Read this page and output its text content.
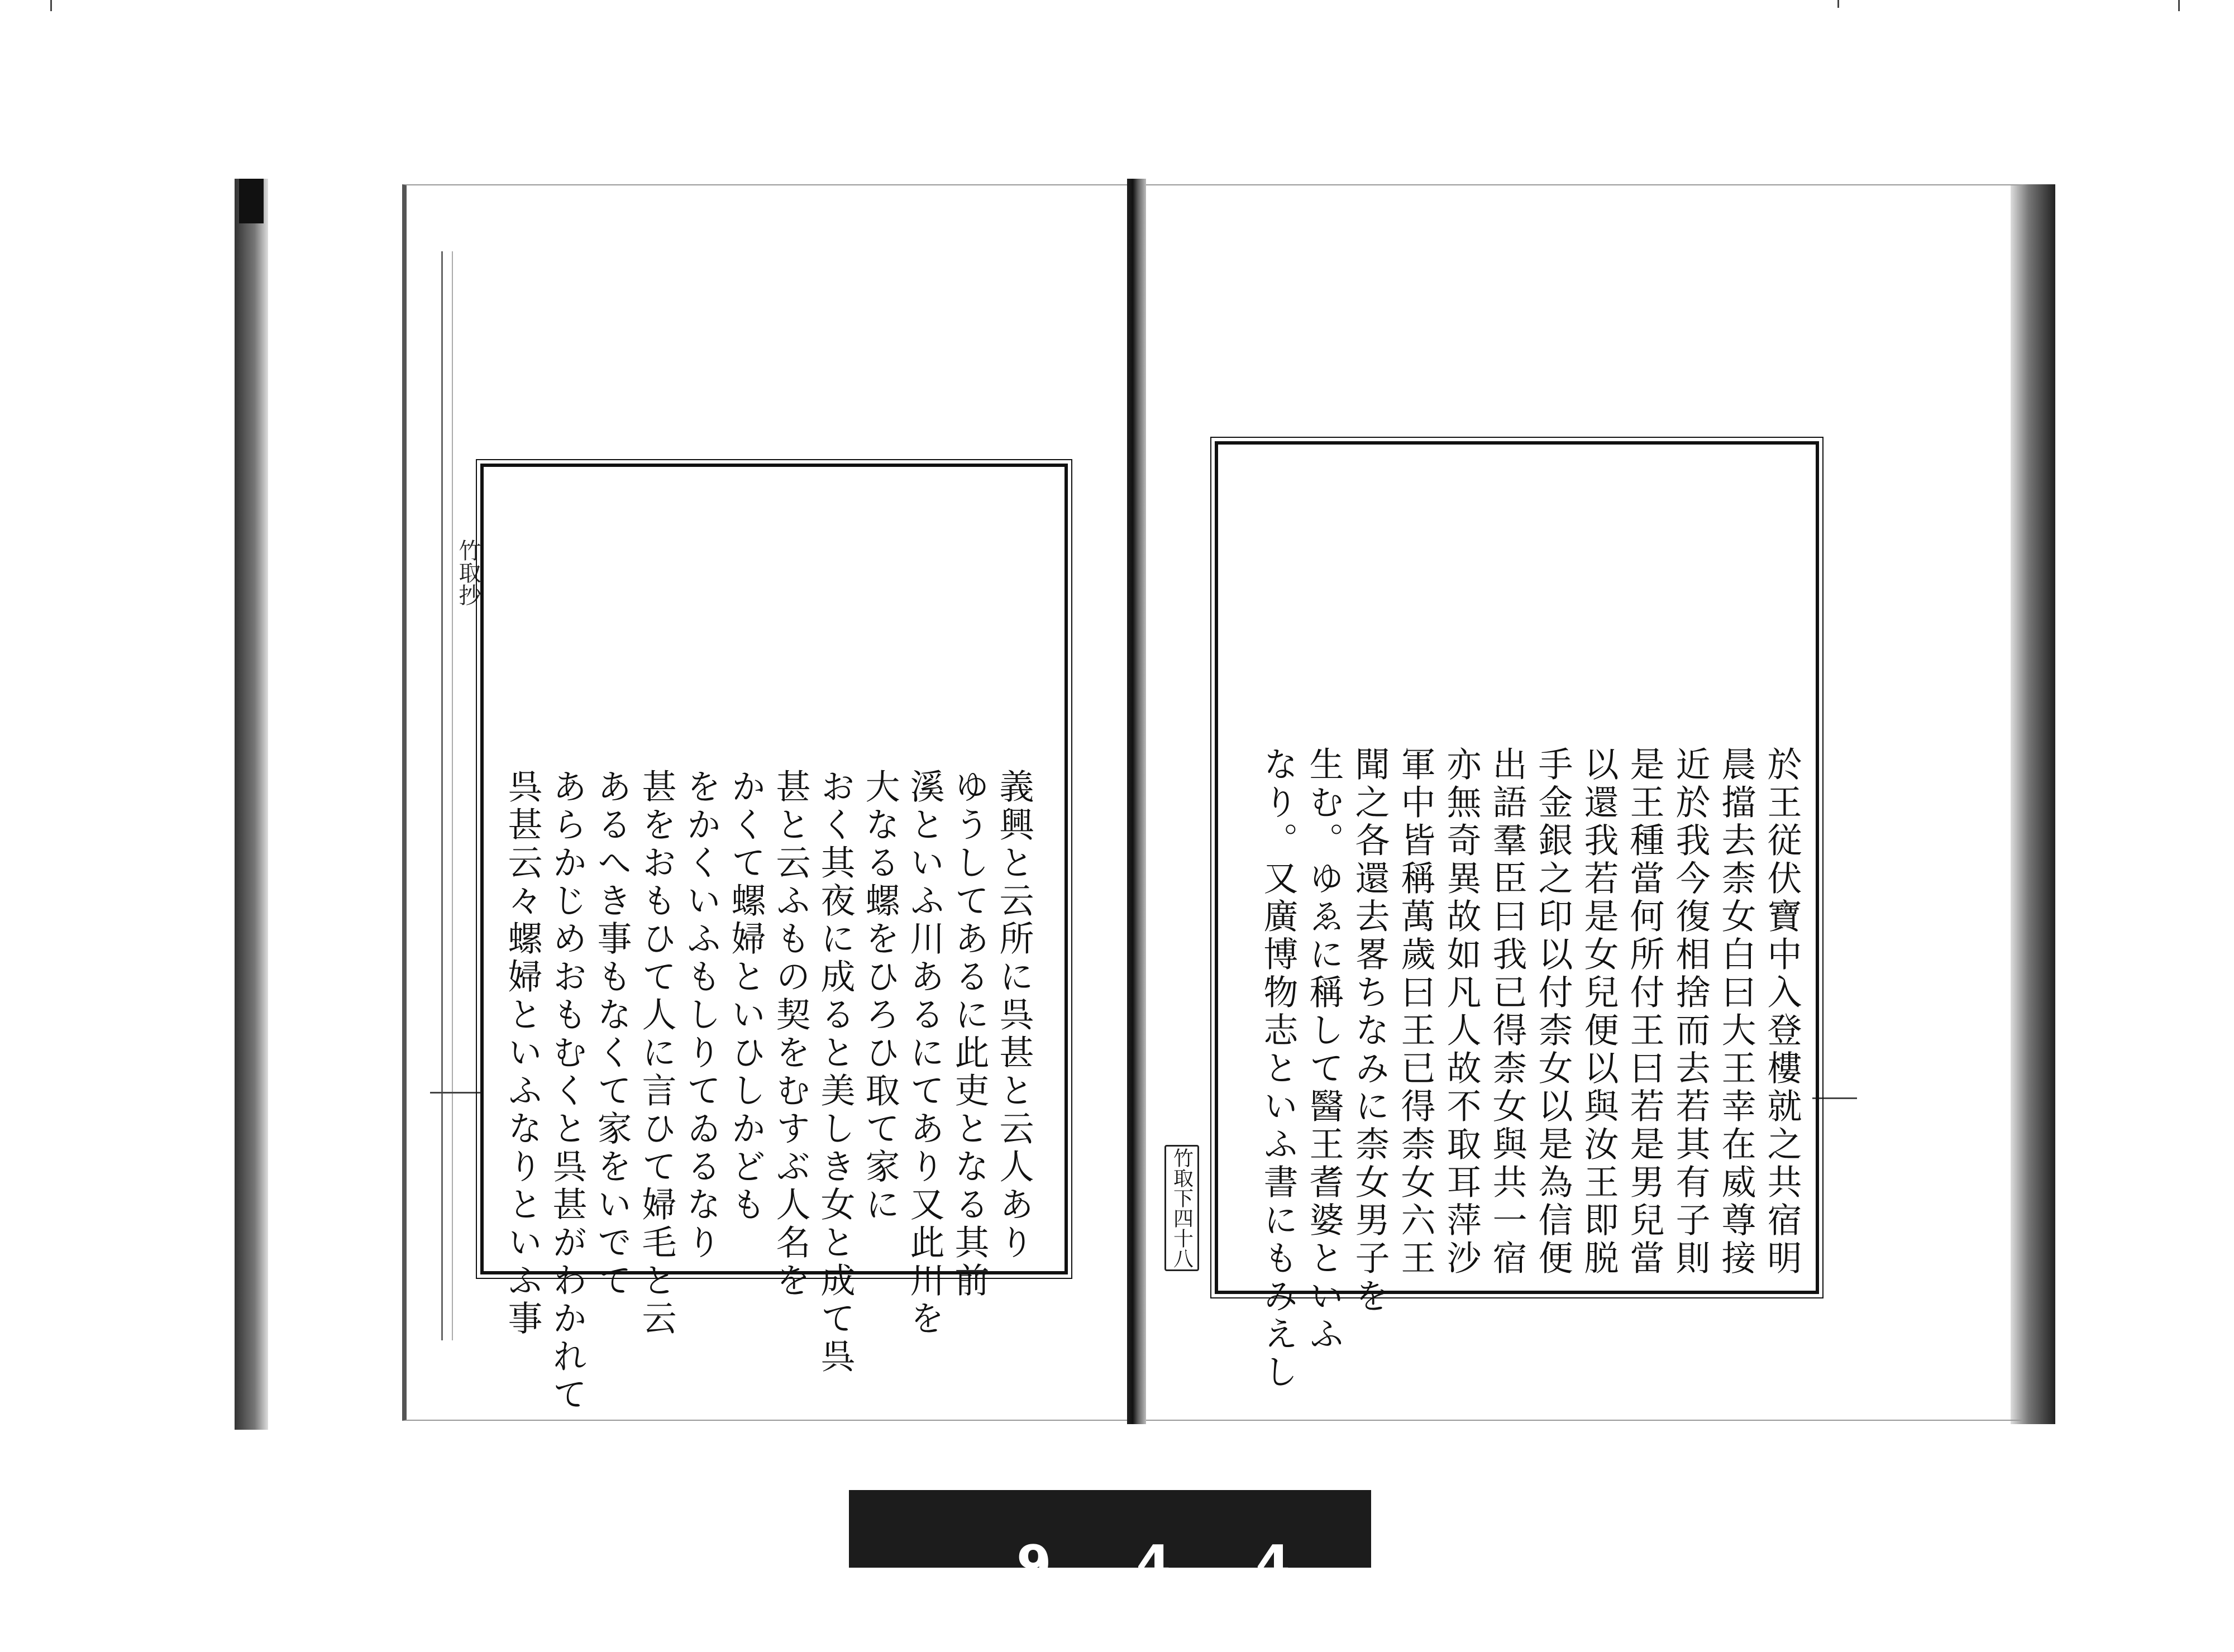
竹取抄
義興と云所に呉甚と云人あり
ゆうしてあるに此吏となる其前
溪といふ川あるにてあり又此川を
大なる螺をひろひ取て家に
おく其夜に成ると美しき女と成て呉
甚と云ふもの契をむすぶ人名を
かくて螺婦といひしかども
をかくいふもしりてゐるなり
甚をおもひて人に言ひて婦毛と云
あるへき事もなくて家をいでて
あらかじめおもむくと呉甚がわかれて
呉甚云々螺婦といふなりといふ事	於王従伏寶中入登樓就之共宿明
晨擋去柰女白曰大王幸在威尊接
近於我今復相捨而去若其有子則
是王種當何所付王曰若是男兒當
以還我若是女兒便以與汝王即脱
手金銀之印以付柰女以是為信便
出語羣臣曰我已得柰女與共一宿
亦無奇異故如凡人故不取耳萍沙
軍中皆稱萬歲曰王已得柰女六王
聞之各還去畧ちなみに柰女男子を
生む。ゆゑに稱して醫王耆婆といふ
なり。又廣博物志といふ書にもみえし
竹取下四十八
9 4 4 9
